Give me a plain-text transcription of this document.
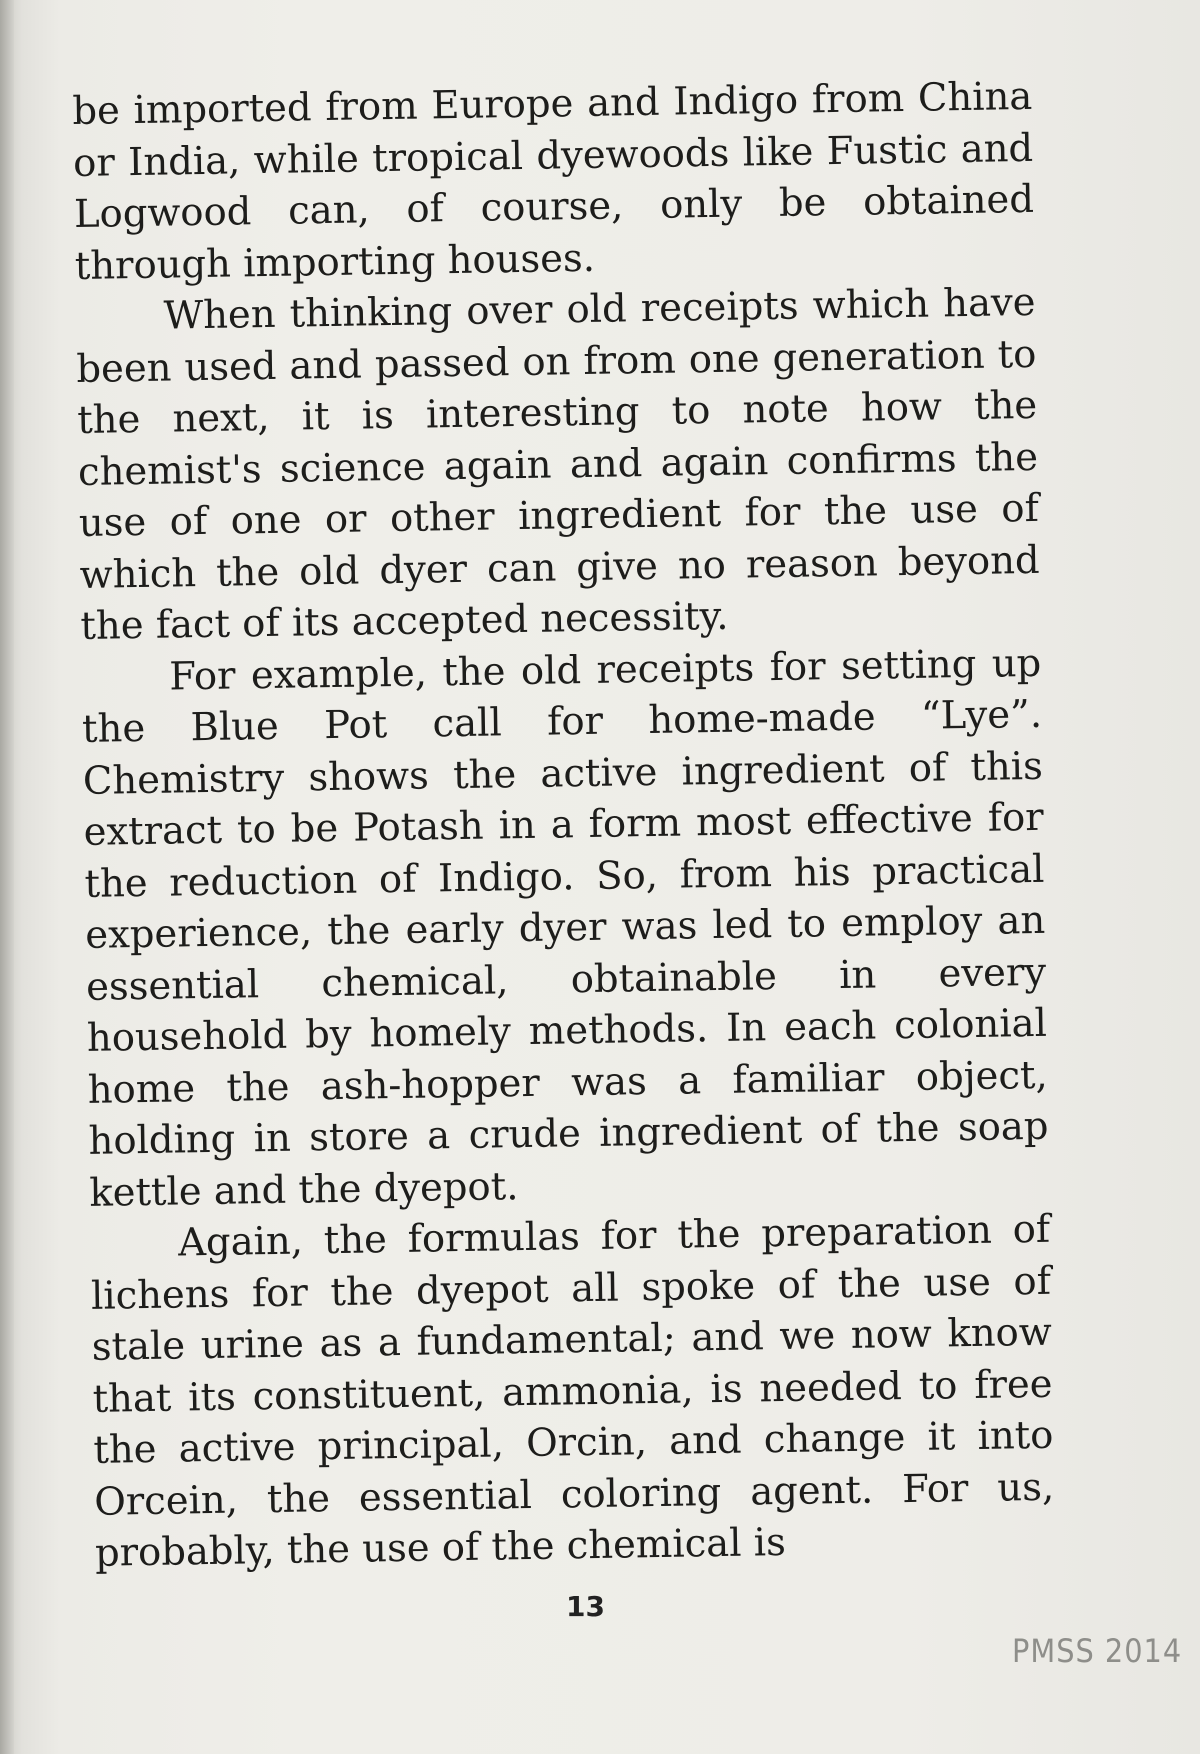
be imported from Europe and Indigo from China or India, while tropical dyewoods like Fustic and Logwood can, of course, only be obtained through importing houses.

When thinking over old receipts which have been used and passed on from one generation to the next, it is interesting to note how the chemist's science again and again confirms the use of one or other ingredient for the use of which the old dyer can give no reason beyond the fact of its accepted necessity.

For example, the old receipts for setting up the Blue Pot call for home-made “Lye”. Chemistry shows the active ingredient of this extract to be Potash in a form most effective for the reduction of Indigo. So, from his practical experience, the early dyer was led to employ an essential chemical, obtainable in every household by homely methods. In each colonial home the ash-hopper was a familiar object, holding in store a crude ingredient of the soap kettle and the dyepot.

Again, the formulas for the preparation of lichens for the dyepot all spoke of the use of stale urine as a fundamental; and we now know that its constituent, ammonia, is needed to free the active principal, Orcin, and change it into Orcein, the essential coloring agent. For us, probably, the use of the chemical is

13
PMSS 2014
